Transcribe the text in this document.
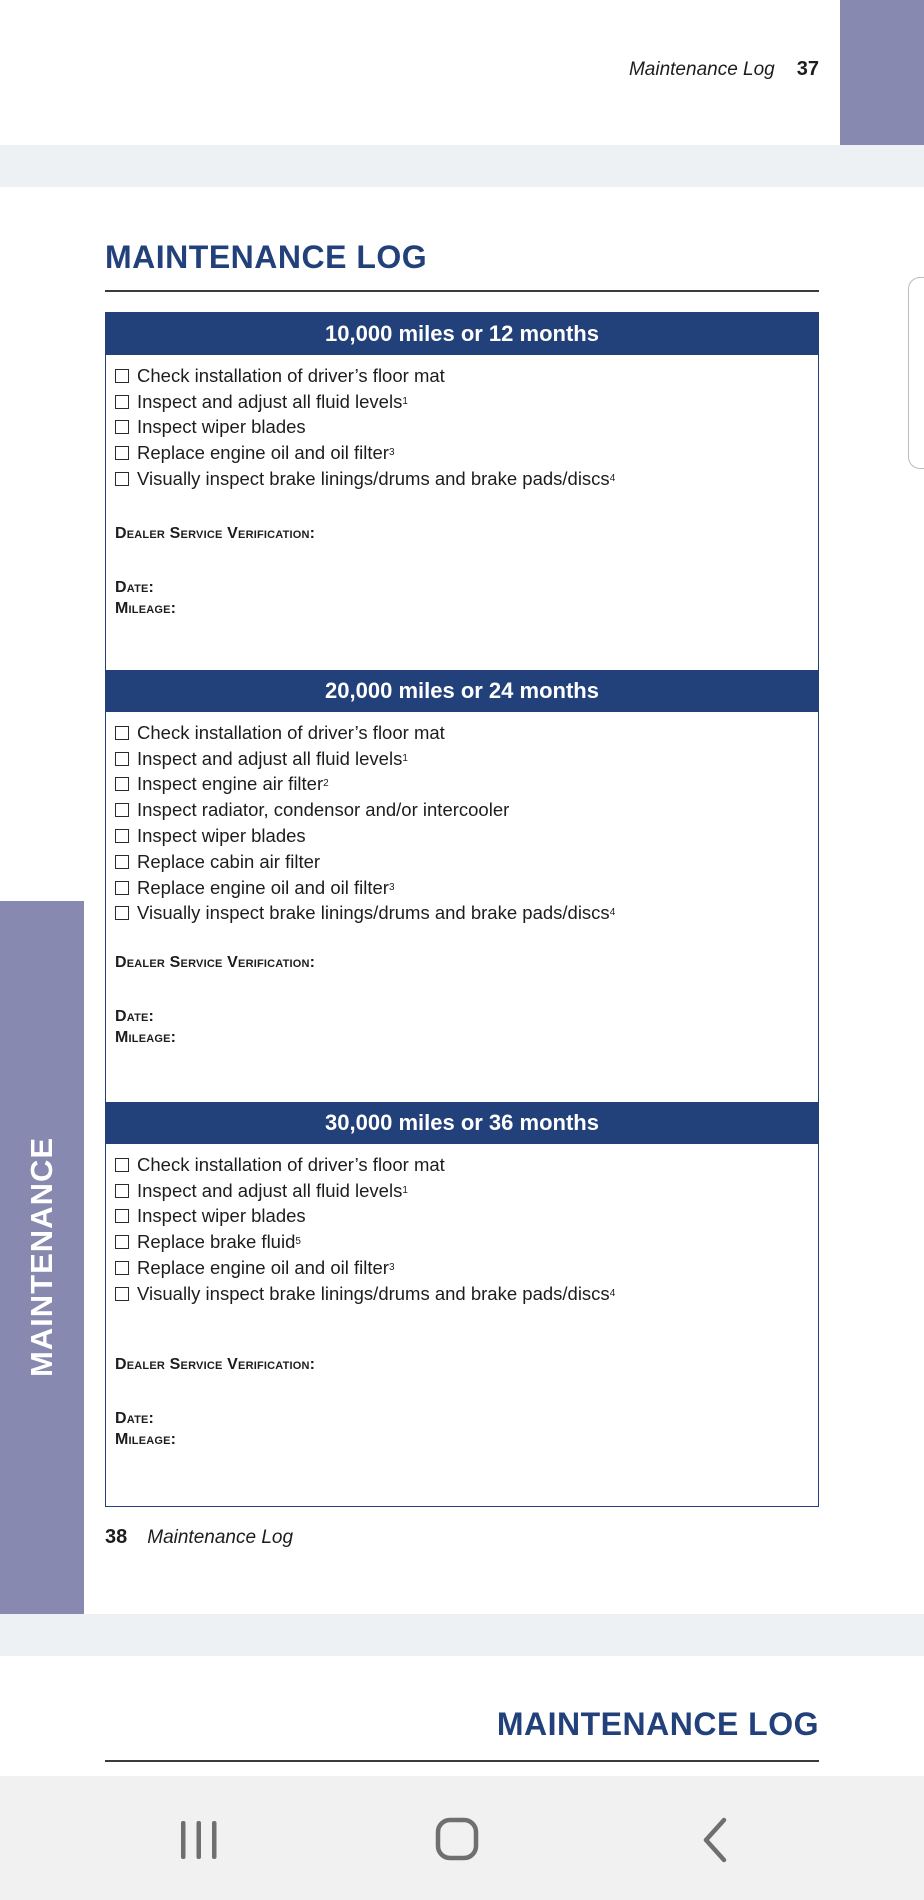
Maintenance Log 37
MAINTENANCE LOG
10,000 miles or 12 months
Check installation of driver’s floor mat
Inspect and adjust all fluid levels 1
Inspect wiper blades
Replace engine oil and oil filter 3
Visually inspect brake linings/drums and brake pads/discs 4
Dealer Service Verification:
Date:
Mileage:
20,000 miles or 24 months
Check installation of driver’s floor mat
Inspect and adjust all fluid levels 1
Inspect engine air filter 2
Inspect radiator, condensor and/or intercooler
Inspect wiper blades
Replace cabin air filter
Replace engine oil and oil filter 3
Visually inspect brake linings/drums and brake pads/discs 4
Dealer Service Verification:
Date:
Mileage:
30,000 miles or 36 months
Check installation of driver’s floor mat
Inspect and adjust all fluid levels 1
Inspect wiper blades
Replace brake fluid 5
Replace engine oil and oil filter 3
Visually inspect brake linings/drums and brake pads/discs 4
Dealer Service Verification:
Date:
Mileage:
38 Maintenance Log
MAINTENANCE
MAINTENANCE LOG
